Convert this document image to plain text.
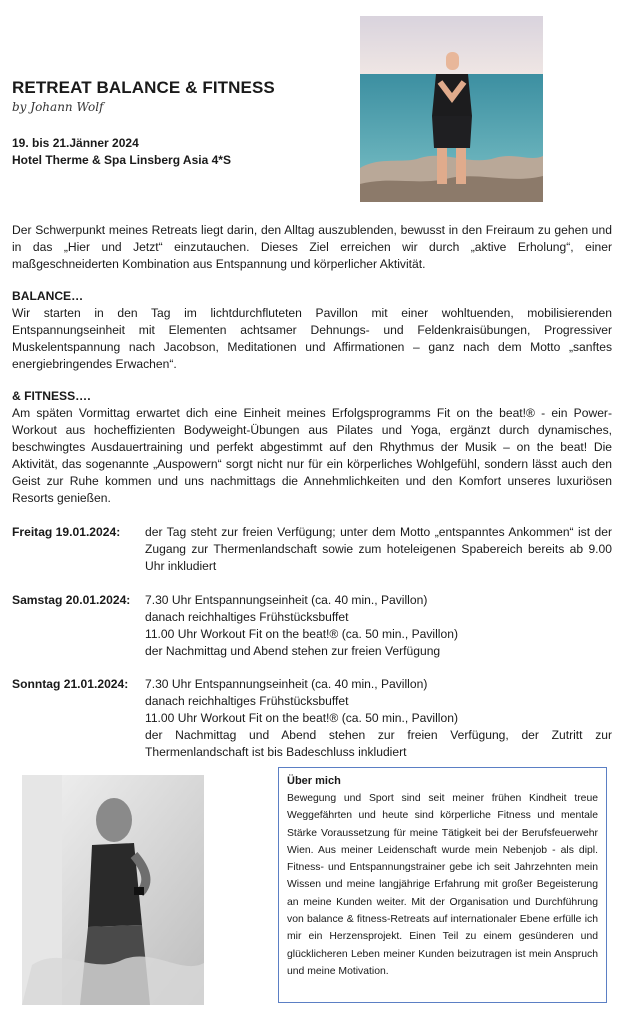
RETREAT BALANCE & FITNESS
by Johann Wolf
19. bis 21.Jänner 2024
Hotel Therme & Spa Linsberg Asia 4*S
Der Schwerpunkt meines Retreats liegt darin, den Alltag auszublenden, bewusst in den Freiraum zu gehen und in das „Hier und Jetzt“ einzutauchen. Dieses Ziel erreichen wir durch „aktive Erholung“, einer maßgeschneiderten Kombination aus Entspannung und körperlicher Aktivität.
BALANCE…
Wir starten in den Tag im lichtdurchfluteten Pavillon mit einer wohltuenden, mobilisierenden Entspannungseinheit mit Elementen achtsamer Dehnungs- und Feldenkraisübungen, Progressiver Muskelentspannung nach Jacobson, Meditationen und Affirmationen – ganz nach dem Motto „sanftes energiebringendes Erwachen“.
& FITNESS….
Am späten Vormittag erwartet dich eine Einheit meines Erfolgsprogramms Fit on the beat!® - ein Power-Workout aus hocheffizienten Bodyweight-Übungen aus Pilates und Yoga, ergänzt durch dynamisches, beschwingtes Ausdauertraining und perfekt abgestimmt auf den Rhythmus der Musik – on the beat! Die Aktivität, das sogenannte „Auspowern“ sorgt nicht nur für ein körperliches Wohlgefühl, sondern lässt auch den Geist zur Ruhe kommen und uns nachmittags die Annehmlichkeiten und den Komfort unseres luxuriösen Resorts genießen.
Freitag 19.01.2024: der Tag steht zur freien Verfügung; unter dem Motto „entspanntes Ankommen“ ist der Zugang zur Thermenlandschaft sowie zum hoteleigenen Spabereich bereits ab 9.00 Uhr inkludiert
Samstag 20.01.2024: 7.30 Uhr Entspannungseinheit (ca. 40 min., Pavillon)
danach reichhaltiges Frühstücksbuffet
11.00 Uhr Workout Fit on the beat!® (ca. 50 min., Pavillon)
der Nachmittag und Abend stehen zur freien Verfügung
Sonntag 21.01.2024: 7.30 Uhr Entspannungseinheit (ca. 40 min., Pavillon)
danach reichhaltiges Frühstücksbuffet
11.00 Uhr Workout Fit on the beat!® (ca. 50 min., Pavillon)
der Nachmittag und Abend stehen zur freien Verfügung, der Zutritt zur Thermenlandschaft ist bis Badeschluss inkludiert
Über mich
Bewegung und Sport sind seit meiner frühen Kindheit treue Weggefährten und heute sind körperliche Fitness und mentale Stärke Voraussetzung für meine Tätigkeit bei der Berufsfeuerwehr Wien. Aus meiner Leidenschaft wurde mein Nebenjob - als dipl. Fitness- und Entspannungstrainer gebe ich seit Jahrzehnten mein Wissen und meine langjährige Erfahrung mit großer Begeisterung an meine Kunden weiter. Mit der Organisation und Durchführung von balance & fitness-Retreats auf internationaler Ebene erfülle ich mir ein Herzensprojekt. Einen Teil zu einem gesünderen und glücklicheren Leben meiner Kunden beizutragen ist mein Anspruch und meine Motivation.
